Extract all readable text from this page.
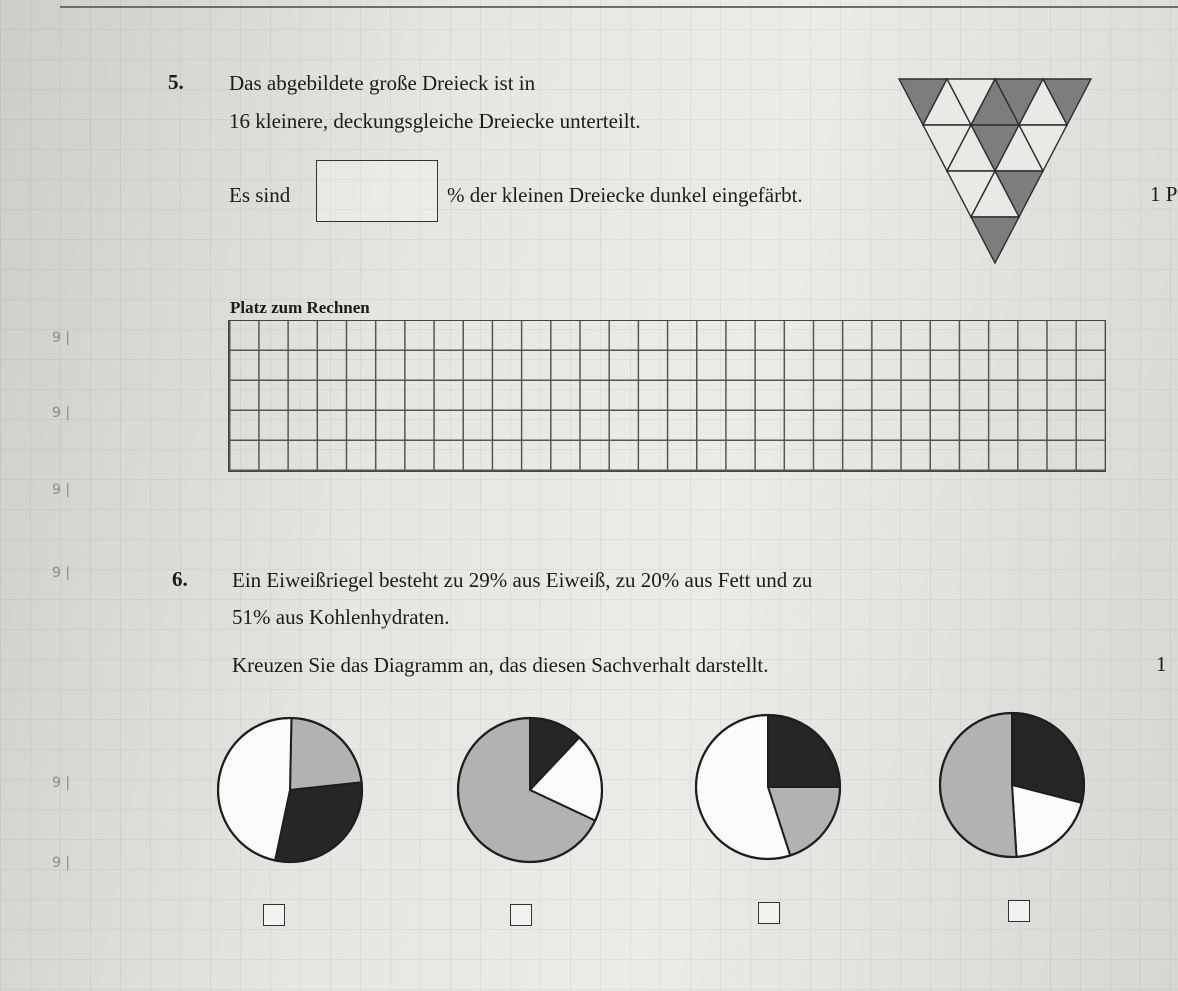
9 |
9 |
9 |
9 |
9 |
9 |
5. Das abgebildete große Dreieck ist in
16 kleinere, deckungsgleiche Dreiecke unterteilt.
Es sind	% der kleinen Dreiecke dunkel eingefärbt.	1 P
Platz zum Rechnen
6. Ein Eiweißriegel besteht zu 29% aus Eiweiß, zu 20% aus Fett und zu
51% aus Kohlenhydraten.
Kreuzen Sie das Diagramm an, das diesen Sachverhalt darstellt.	1
